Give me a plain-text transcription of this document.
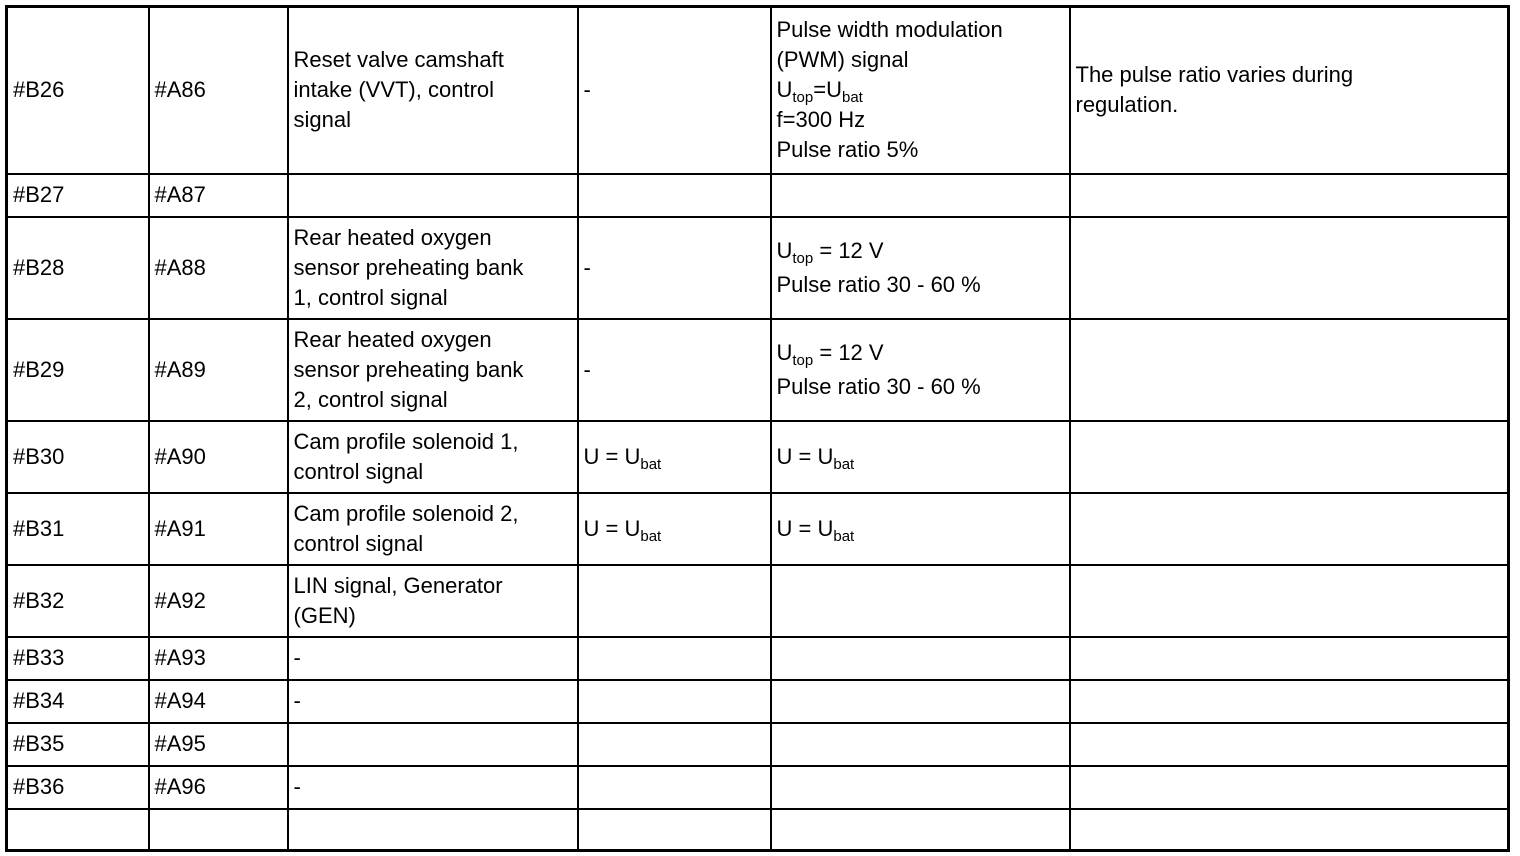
#B26	#A86	Reset valve camshaft
intake (VVT), control
signal	-	Pulse width modulation
(PWM) signal
$U_{top}=U_{bat}$
f=300 Hz
Pulse ratio 5%	The pulse ratio varies during
regulation.

#B27	#A87				
#B28	#A88	Rear heated oxygen
sensor preheating bank
1, control signal	-	$U_{top} = 12$ V
Pulse ratio 30 - 60 %	

#B29	#A89	Rear heated oxygen
sensor preheating bank
2, control signal	-	$U_{top} = 12$ V
Pulse ratio 30 - 60 %	

#B30	#A90	Cam profile solenoid 1,
control signal	$U = U_{bat}$	$U = U_{bat}$	
#B31	#A91	Cam profile solenoid 2,
control signal	$U = U_{bat}$	$U = U_{bat}$	
#B32	#A92	LIN signal, Generator
(GEN)			

#B33	#A93	-			
#B34	#A94	-			
#B35	#A95				
#B36	#A96	-			
